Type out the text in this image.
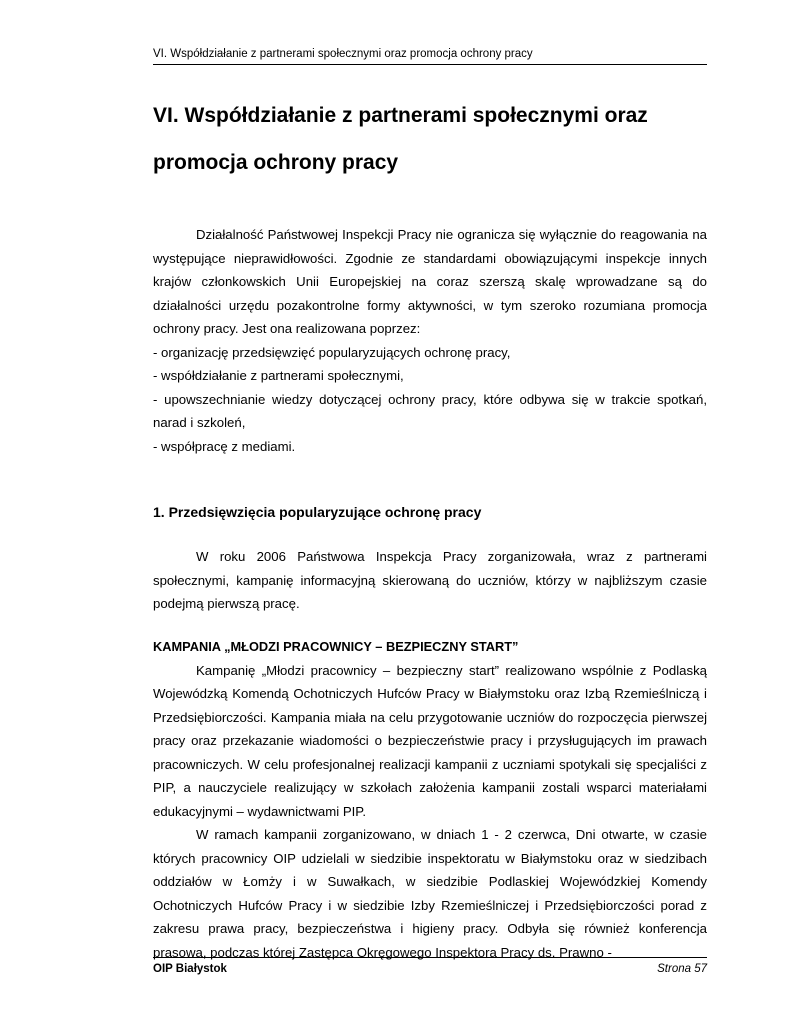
VI. Współdziałanie z partnerami społecznymi oraz promocja ochrony pracy
VI. Współdziałanie z partnerami społecznymi oraz
promocja ochrony pracy

Działalność Państwowej Inspekcji Pracy nie ogranicza się wyłącznie do reagowania na występujące nieprawidłowości. Zgodnie ze standardami obowiązującymi inspekcje innych krajów członkowskich Unii Europejskiej na coraz szerszą skalę wprowadzane są do działalności urzędu pozakontrolne formy aktywności, w tym szeroko rozumiana promocja ochrony pracy. Jest ona realizowana poprzez:

- organizację przedsięwzięć popularyzujących ochronę pracy,
- współdziałanie z partnerami społecznymi,
- upowszechnianie wiedzy dotyczącej ochrony pracy, które odbywa się w trakcie spotkań, narad i szkoleń,
- współpracę z mediami.
1. Przedsięwzięcia popularyzujące ochronę pracy

W roku 2006 Państwowa Inspekcja Pracy zorganizowała, wraz z partnerami społecznymi, kampanię informacyjną skierowaną do uczniów, którzy w najbliższym czasie podejmą pierwszą pracę.

KAMPANIA „MŁODZI PRACOWNICY – BEZPIECZNY START”

Kampanię „Młodzi pracownicy – bezpieczny start” realizowano wspólnie z Podlaską Wojewódzką Komendą Ochotniczych Hufców Pracy w Białymstoku oraz Izbą Rzemieślniczą i Przedsiębiorczości. Kampania miała na celu przygotowanie uczniów do rozpoczęcia pierwszej pracy oraz przekazanie wiadomości o bezpieczeństwie pracy i przysługujących im prawach pracowniczych. W celu profesjonalnej realizacji kampanii z uczniami spotykali się specjaliści z PIP, a nauczyciele realizujący w szkołach założenia kampanii zostali wsparci materiałami edukacyjnymi – wydawnictwami PIP.

W ramach kampanii zorganizowano, w dniach 1 - 2 czerwca, Dni otwarte, w czasie których pracownicy OIP udzielali w siedzibie inspektoratu w Białymstoku oraz w siedzibach oddziałów w Łomży i w Suwałkach, w siedzibie Podlaskiej Wojewódzkiej Komendy Ochotniczych Hufców Pracy i w siedzibie Izby Rzemieślniczej i Przedsiębiorczości porad z zakresu prawa pracy, bezpieczeństwa i higieny pracy. Odbyła się również konferencja prasowa, podczas której Zastępca Okręgowego Inspektora Pracy ds. Prawno -

OIP Białystok	Strona 57
